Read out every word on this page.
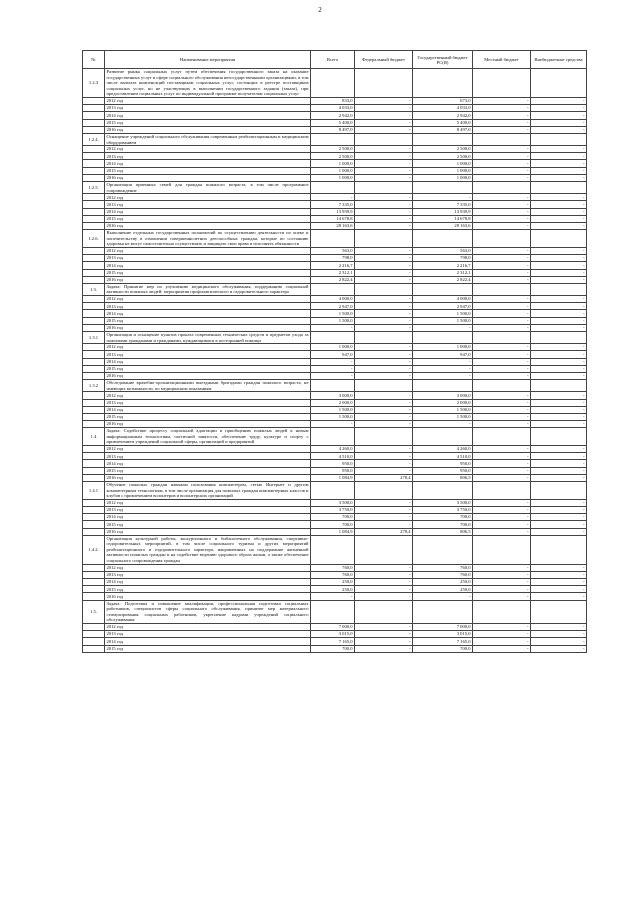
2
№	Наименование мероприятия	Всего	Федеральный бюджет	Государственный бюджет РС(Я)	Местный бюджет	Внебюджетные средства
1.2.3	Развитие рынка социальных услуг путем обеспечения государственного заказа на оказание государственных услуг в сфере социального обслуживания негосударственными организациями, в том числе выплата компенсаций поставщикам социальных услуг, состоящих в реестре поставщиков социальных услуг, но не участвующих в выполнении государственного задания (заказа), при предоставлении социальных услуг по индивидуальной программе получателям социальных услуг					
	2012 год	833,0	-	673,0	-	-
	2013 год	4 033,0	-	4 033,0	-	-
	2014 год	2 942,0	-	2 942,0	-	-
	2015 год	5 400,0	-	5 400,0	-	-
	2016 год	8 497,0	-	8 497,0	-	-
1.2.4.	Оснащение учреждений социального обслуживания современным реабилитационным и медицинским оборудованием					
	2012 год	2 500,0	-	2 500,0	-	-
	2013 год	2 500,0	-	2 500,0	-	-
	2014 год	1 000,0	-	1 000,0	-	-
	2015 год	1 000,0	-	1 000,0	-	-
	2016 год	1 000,0	-	1 000,0	-	-
1.2.5.	Организация приемных семей для граждан пожилого возраста, в том числе программное сопровождение					
	2012 год	-	-	-	-	-
	2013 год	7 335,0	-	7 335,0	-	-
	2014 год	13 939,9	-	13 939,9	-	-
	2015 год	14 678,8	-	14 678,8	-	-
	2016 год	28 163,6	-	28 163,6	-	-
1.2.6.	Выполнение отдельных государственных полномочий по осуществлению деятельности по опеке и попечительству в отношении совершеннолетних дееспособных граждан, которые по состоянию здоровья не могут самостоятельно осуществлять и защищать свои права и исполнять обязанности					
	2012 год	563,0	-	563,0	-	-
	2013 год	798,0	-	798,0	-	-
	2014 год	2 216,7	-	2 216,7	-	-
	2015 год	2 312,1	-	2 312,1	-	-
	2016 год	2 822,4	-	2 822,4	-	-
1.3.	Задача: Принятие мер по улучшению медицинского обслуживания, поддержанию социальной активности пожилых людей; мероприятия профилактического и оздоровительного характера					
	2012 год	4 000,0	-	4 000,0	-	-
	2013 год	2 947,0	-	2 947,0	-	-
	2014 год	1 500,0	-	1 500,0	-	-
	2015 год	1 500,0	-	1 500,0	-	-
	2016 год	-	-	-	-	-
1.3.1	Организация и оснащение пунктов проката современных технических средств и предметов ухода за пожилыми гражданами и гражданами, нуждающимися в посторонней помощи					
	2012 год	1 000,0	-	1 000,0	-	-
	2013 год	947,0	-	947,0	-	-
	2014 год	-	-	-	-	-
	2015 год	-	-	-	-	-
	2016 год	-	-	-	-	-
1.3.2	Обследование врачебно-организационными выездными бригадами граждан пожилого возраста, не имеющих возможности, по медицинским показаниям					
	2012 год	3 000,0	-	3 000,0	-	-
	2013 год	2 000,0	-	2 000,0	-	-
	2014 год	1 500,0	-	1 500,0	-	-
	2015 год	1 500,0	-	1 500,0	-	-
	2016 год	-	-	-	-	-
1.4	Задача: Содействие процессу социальной адаптации и приобщению пожилых людей к новым информационным технологиям, частичной занятости, обеспечение труду, культуре и спорту с привлечением учреждений социальной сферы, организаций и предприятий					
	2012 год	4 260,0	-	4 260,0	-	-
	2013 год	4 510,0	-	4 510,0	-	-
	2014 год	950,0	-	950,0	-	-
	2015 год	950,0	-	950,0	-	-
	2016 год	1 084,9	278,4	806,5	-	-
1.4.1	Обучение пожилых граждан навыкам пользования компьютером, сетью Интернет и другим компьютерным технологиям, в том числе организация для пожилых граждан компьютерных классов и клубов с привлечением волонтеров и волонтерских организаций					
	2012 год	3 500,0	-	3 500,0	-	-
	2013 год	3 750,0	-	3 750,0	-	-
	2014 год	700,0	-	700,0	-	-
	2015 год	700,0	-	700,0	-	-
	2016 год	1 084,9	278,4	806,5	-	-
1.4.2.	Организация культурной работы, экскурсионного и библиотечного обслуживания, спортивно-оздоровительных мероприятий, в том числе социального туризма и других мероприятий реабилитационного и оздоровительного характера, направленных на поддержание жизненной активности пожилых граждан и на содействие ведению здорового образа жизни, а также обеспечение социального сопровождения граждан					
	2012 год	760,0	-	760,0	-	-
	2013 год	760,0	-	760,0	-	-
	2014 год	250,0	-	250,0	-	-
	2015 год	250,0	-	250,0	-	-
	2016 год	-	-	-	-	-
1.5.	Задача: Подготовка и повышение квалификации, профессиональная подготовка социальных работников, специалистов сферы социального обслуживания, принятие мер материального стимулирования социальных работников, укрепление кадрами учреждений социального обслуживания					
	2012 год	7 000,0	-	7 000,0	-	-
	2013 год	3 015,0	-	3 015,0	-	-
	2014 год	7 165,0	-	7 165,0	-	-
	2015 год	700,0	-	700,0	-	-
